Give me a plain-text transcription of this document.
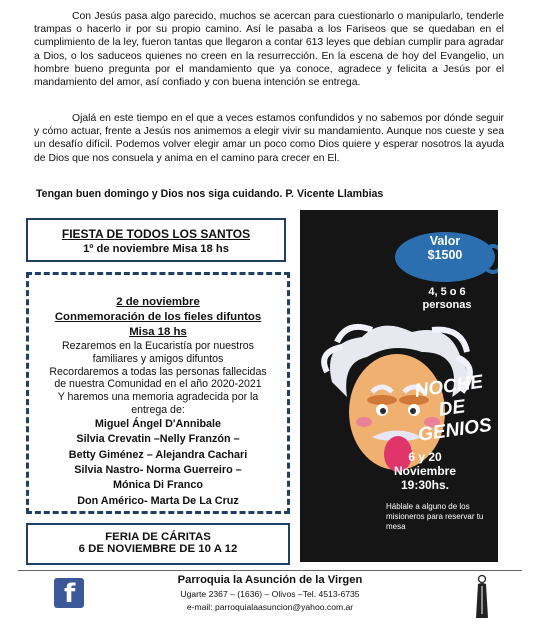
Con Jesús pasa algo parecido, muchos se acercan para cuestionarlo o manipularlo, tenderle trampas o hacerlo ir por su propio camino. Así le pasaba a los Fariseos que se quedaban en el cumplimiento de la ley, fueron tantas que llegaron a contar 613 leyes que debían cumplir para agradar a Dios, o los saduceos quienes no creen en la resurrección. En la escena de hoy del Evangelio, un hombre bueno pregunta por el mandamiento que ya conoce, agradece y felicita a Jesús por el mandamiento del amor, así confiado y con buena intención se entrega.

Ojalá en este tiempo en el que a veces estamos confundidos y no sabemos por dónde seguir y cómo actuar, frente a Jesús nos animemos a elegir vivir su mandamiento. Aunque nos cueste y sea un desafío difícil. Podemos volver elegir amar un poco como Dios quiere y esperar nosotros la ayuda de Dios que nos consuela y anima en el camino para crecer en El.

Tengan buen domingo y Dios nos siga cuidando. P. Vicente Llambias
FIESTA DE TODOS LOS SANTOS
1º de noviembre Misa 18 hs
2 de noviembre
Conmemoración de los fieles difuntos
Misa 18 hs
Rezaremos en la Eucaristía por nuestros
familiares y amigos difuntos
Recordaremos a todas las personas fallecidas
de nuestra Comunidad en el año 2020-2021
Y haremos una memoria agradecida por la
entrega de:
Miguel Ángel D'Annibale
Silvia Crevatin –Nelly Franzón –
Betty Giménez – Alejandra Cachari
Silvia Nastro- Norma Guerreiro –
Mónica Di Franco
Don Américo- Marta De La Cruz
FERIA DE CÁRITAS
6 DE NOVIEMBRE DE 10 A 12
Valor
$1500
4, 5 o 6
personas
NOCHE
DE GENIOS
6 y 20
Noviembre
19:30hs.
Háblale a alguno de los misioneros para reservar tu mesa
f	Parroquia la Asunción de la Virgen
Ugarte 2367 – (1636) – Olivos –Tel. 4513-6735
e-mail: parroquialaasuncion@yahoo.com.ar
